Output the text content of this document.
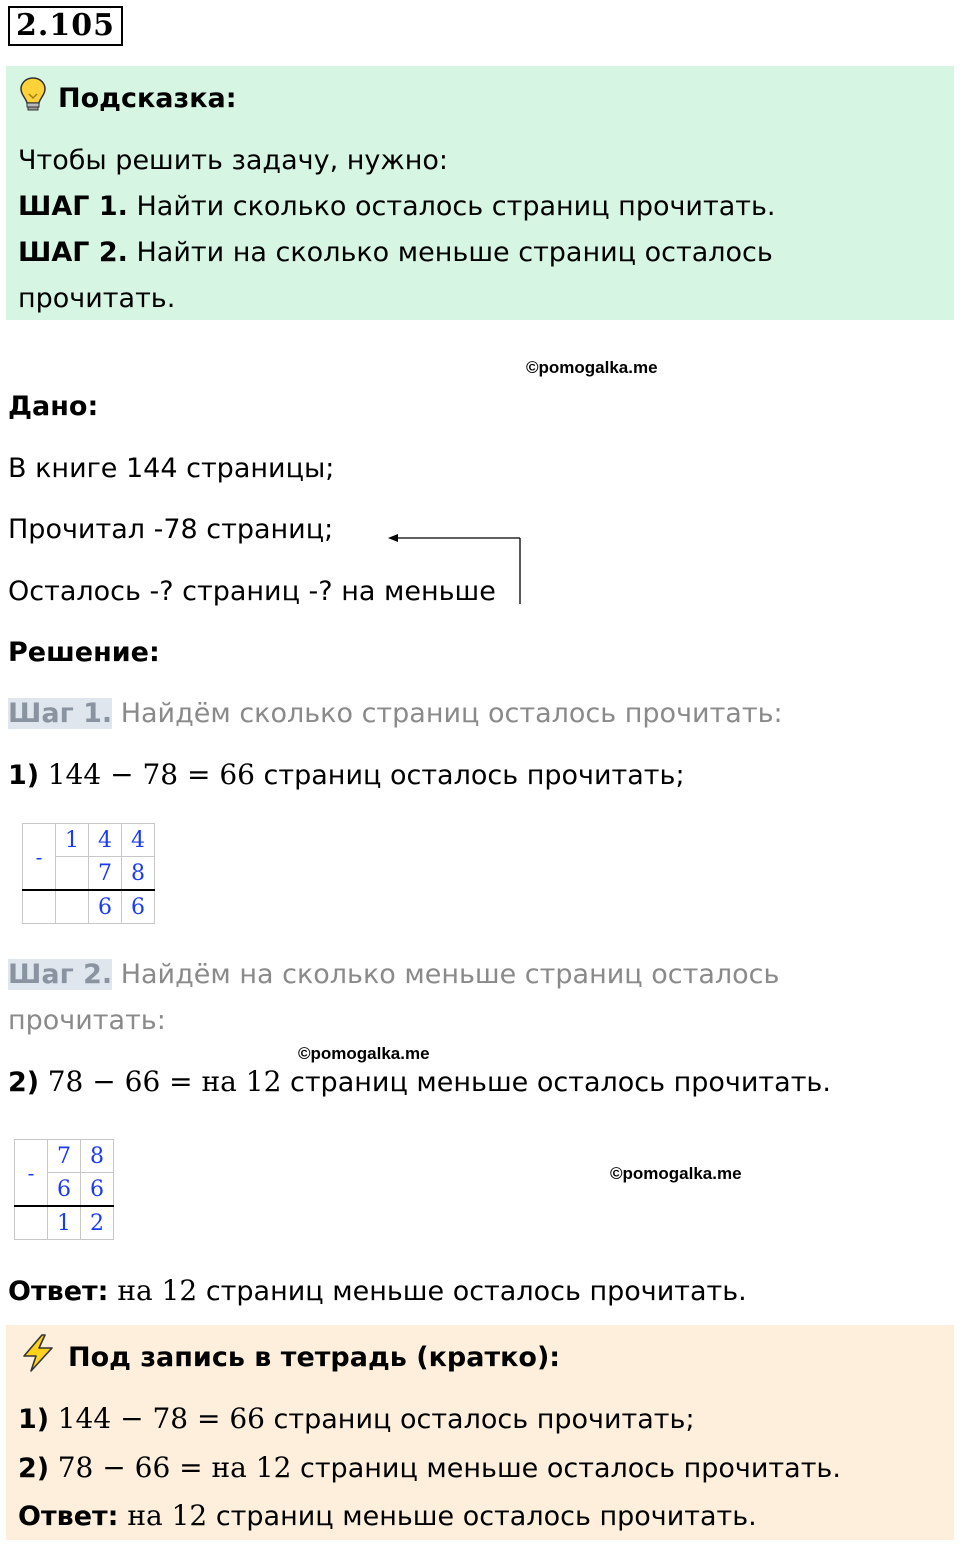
2.105
Подсказка:
Чтобы решить задачу, нужно:
ШАГ 1. Найти сколько осталось страниц прочитать.
ШАГ 2. Найти на сколько меньше страниц осталось
прочитать.
©pomogalka.me
Дано:
В книге 144 страницы;
Прочитал -78 страниц;
Осталось -? страниц -? на меньше
Решение:
Шаг 1. Найдём сколько страниц осталось прочитать:
1) 144 − 78 = 66 страниц осталось прочитать;
-	1	4	4
		7	8
		6	6
Шаг 2. Найдём на сколько меньше страниц осталось
прочитать:
©pomogalka.me
2) 78 − 66 = на 12 страниц меньше осталось прочитать.
-	7	8
	6	6
	1	2
©pomogalka.me
Ответ: на 12 страниц меньше осталось прочитать.
Под запись в тетрадь (кратко):
1) 144 − 78 = 66 страниц осталось прочитать;
2) 78 − 66 = на 12 страниц меньше осталось прочитать.
Ответ: на 12 страниц меньше осталось прочитать.
